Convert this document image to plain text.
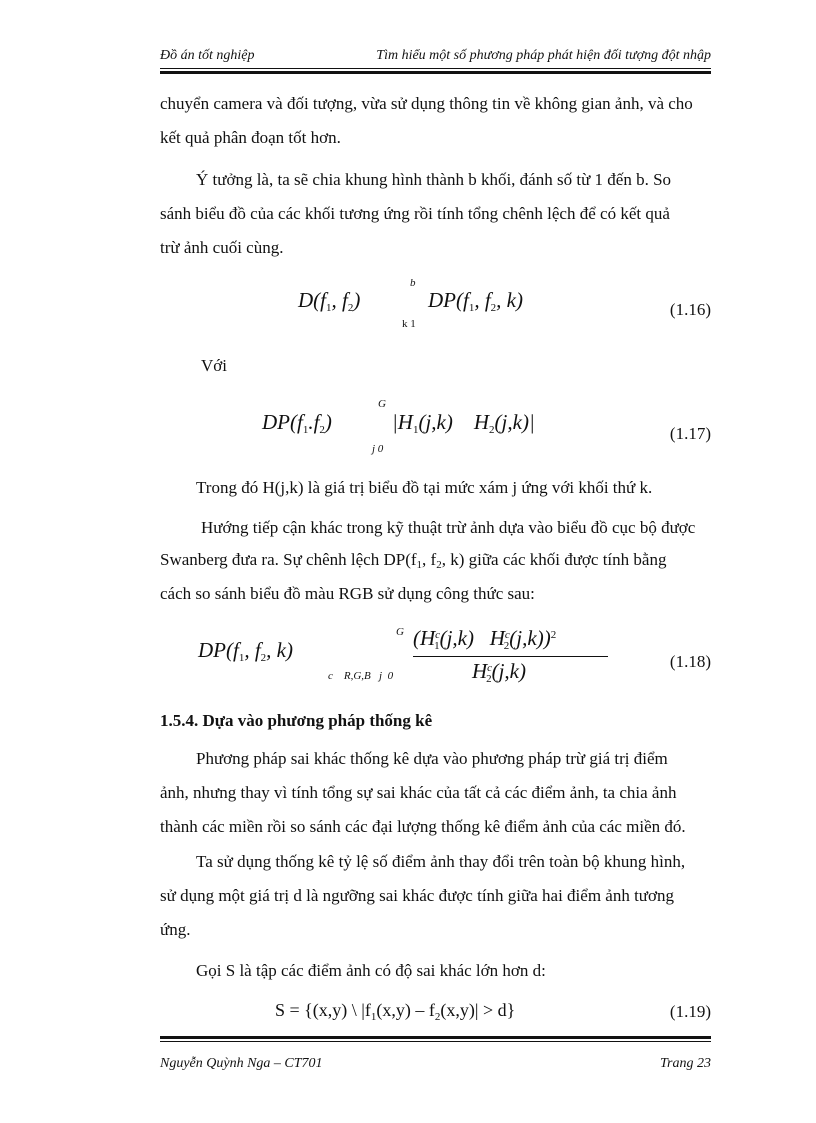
Đồ án tốt nghiệp	Tìm hiểu một số phương pháp phát hiện đối tượng đột nhập
chuyển camera và đối tượng, vừa sử dụng thông tin về không gian ảnh, và cho
kết quả phân đoạn tốt hơn.
Ý tưởng là, ta sẽ chia khung hình thành b khối, đánh số từ 1 đến b. So
sánh biểu đồ của các khối tương ứng rồi tính tổng chênh lệch để có kết quả
trừ ảnh cuối cùng.
D(f1, f2)
b
k 1
DP(f1, f2, k)	(1.16)
Với
DP(f1.f2)
G
j 0
|H1(j,k)    H2(j,k)|	(1.17)
Trong đó H(j,k) là giá trị biểu đồ tại mức xám j ứng với khối thứ k.
Hướng tiếp cận khác trong kỹ thuật trừ ảnh dựa vào biểu đồ cục bộ được
Swanberg đưa ra. Sự chênh lệch DP(f1, f2, k) giữa các khối được tính bằng
cách so sánh biểu đồ màu RGB sử dụng công thức sau:
DP(f1, f2, k)
G
c    R,G,B   j  0
($H^c1(j,k)$   $H^c2(j,k))^2$
$H^c2(j,k)$	(1.18)
1.5.4. Dựa vào phương pháp thống kê
Phương pháp sai khác thống kê dựa vào phương pháp trừ giá trị điểm
ảnh, nhưng thay vì tính tổng sự sai khác của tất cả các điểm ảnh, ta chia ảnh
thành các miền rồi so sánh các đại lượng thống kê điểm ảnh của các miền đó.
Ta sử dụng thống kê tỷ lệ số điểm ảnh thay đổi trên toàn bộ khung hình,
sử dụng một giá trị d là ngưỡng sai khác được tính giữa hai điểm ảnh tương
ứng.
Gọi S là tập các điểm ảnh có độ sai khác lớn hơn d:
S = {(x,y) \ $|f_1(x,y) - f_2(x,y)| > d$}	(1.19)
Nguyễn Quỳnh Nga – CT701	Trang 23
